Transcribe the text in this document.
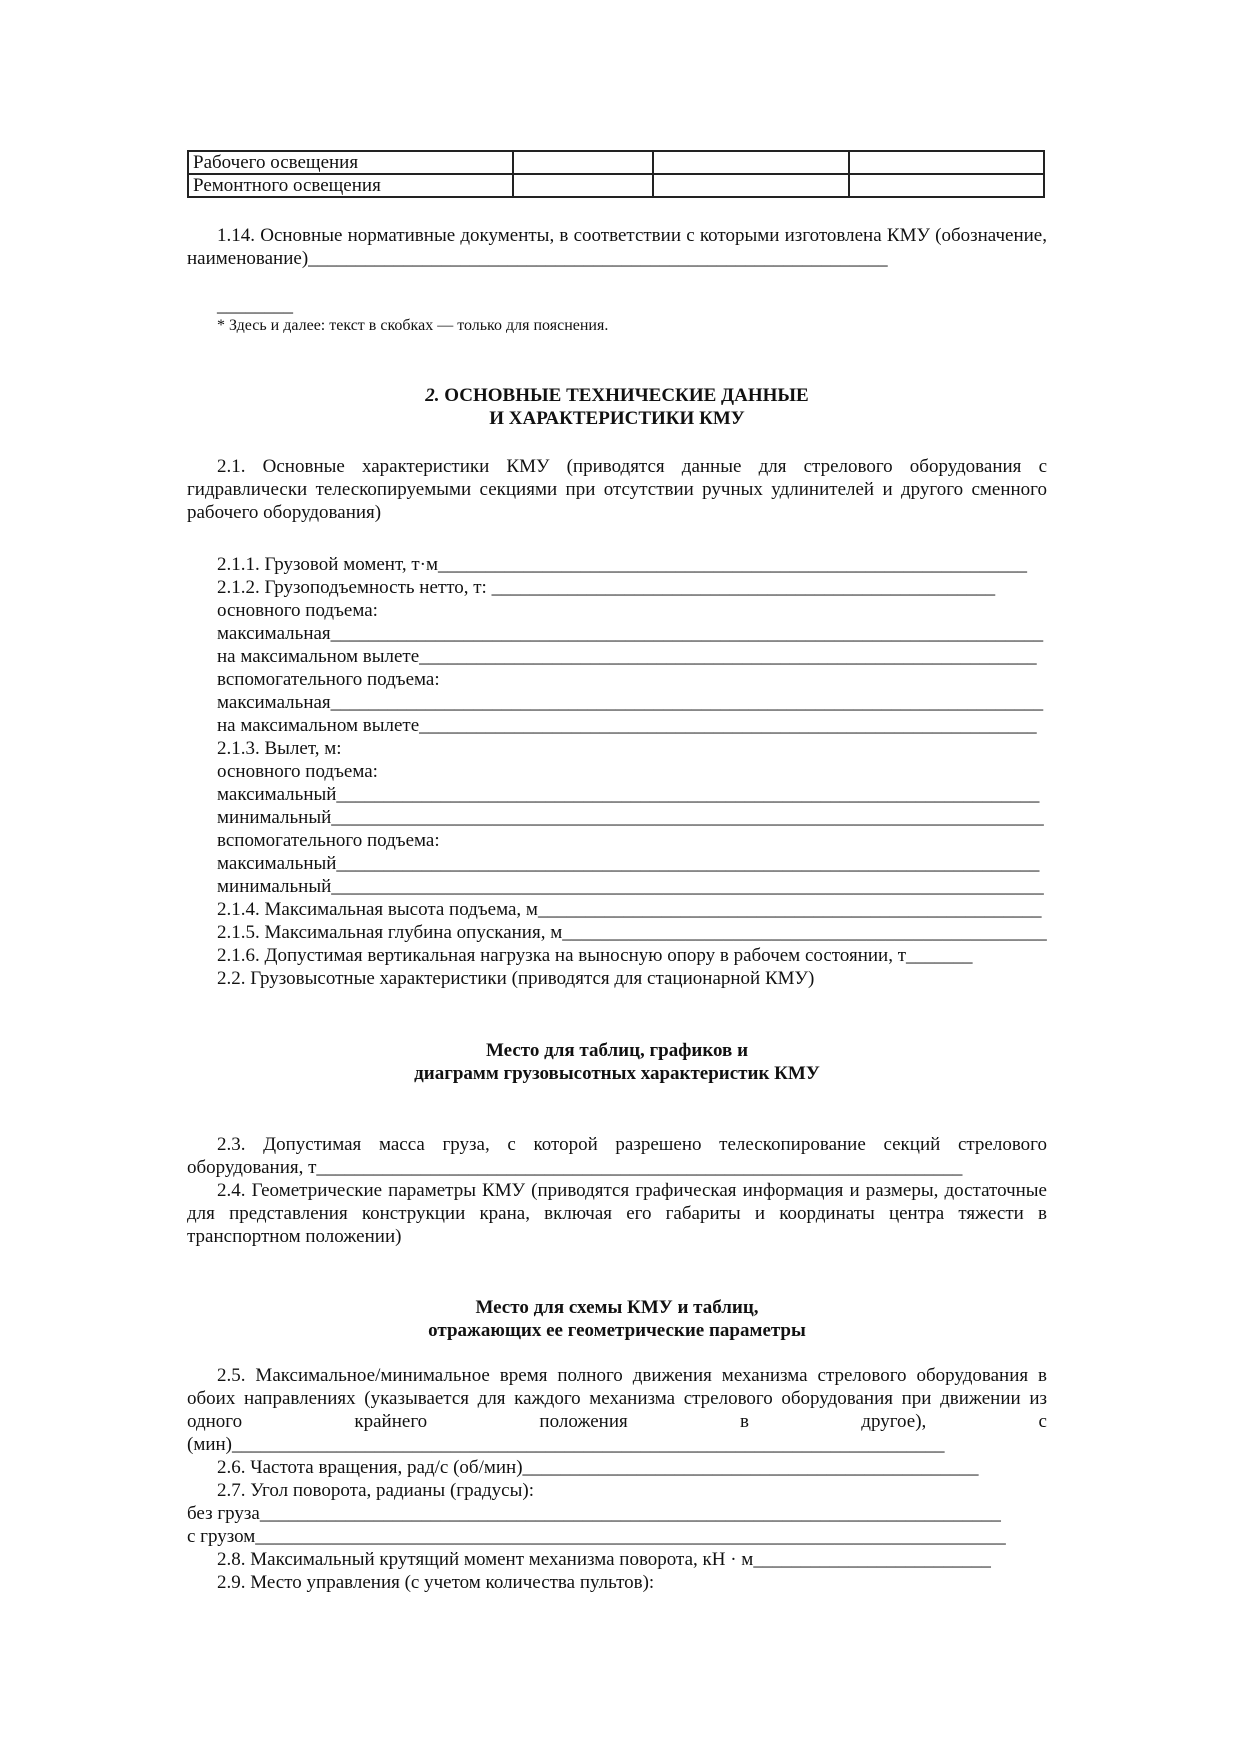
Рабочего освещения			
Ремонтного освещения			
1.14. Основные нормативные документы, в соответствии с которыми изготовлена КМУ (обозначение, наименование)_____________________________________________________________
________
* Здесь и далее: текст в скобках — только для пояснения.
2. ОСНОВНЫЕ ТЕХНИЧЕСКИЕ ДАННЫЕ
И ХАРАКТЕРИСТИКИ КМУ
2.1. Основные характеристики КМУ (приводятся данные для стрелового оборудования с гидравлически телескопируемыми секциями при отсутствии ручных удлинителей и другого сменного рабочего оборудования)
2.1.1. Грузовой момент, т·м______________________________________________________________
2.1.2. Грузоподъемность нетто, т: _____________________________________________________
основного подъема:
максимальная___________________________________________________________________________
на максимальном вылете_________________________________________________________________
вспомогательного подъема:
максимальная___________________________________________________________________________
на максимальном вылете_________________________________________________________________
2.1.3. Вылет, м:
основного подъема:
максимальный__________________________________________________________________________
минимальный___________________________________________________________________________
вспомогательного подъема:
максимальный__________________________________________________________________________
минимальный___________________________________________________________________________
2.1.4. Максимальная высота подъема, м_____________________________________________________
2.1.5. Максимальная глубина опускания, м___________________________________________________
2.1.6. Допустимая вертикальная нагрузка на выносную опору в рабочем состоянии, т_______
2.2. Грузовысотные характеристики (приводятся для стационарной КМУ)
Место для таблиц, графиков и
диаграмм грузовысотных характеристик КМУ
2.3. Допустимая масса груза, с которой разрешено телескопирование секций стрелового оборудования, т____________________________________________________________________
2.4. Геометрические параметры КМУ (приводятся графическая информация и размеры, достаточные для представления конструкции крана, включая его габариты и координаты центра тяжести в транспортном положении)
Место для схемы КМУ и таблиц,
отражающих ее геометрические параметры
2.5. Максимальное/минимальное время полного движения механизма стрелового оборудования в обоих направлениях (указывается для каждого механизма стрелового оборудования при движении из одного крайнего положения в другое), с (мин)___________________________________________________________________________
2.6. Частота вращения, рад/с (об/мин)________________________________________________
2.7. Угол поворота, радианы (градусы):
без груза______________________________________________________________________________
с грузом_______________________________________________________________________________
2.8. Максимальный крутящий момент механизма поворота, кН · м_________________________
2.9. Место управления (с учетом количества пультов):
